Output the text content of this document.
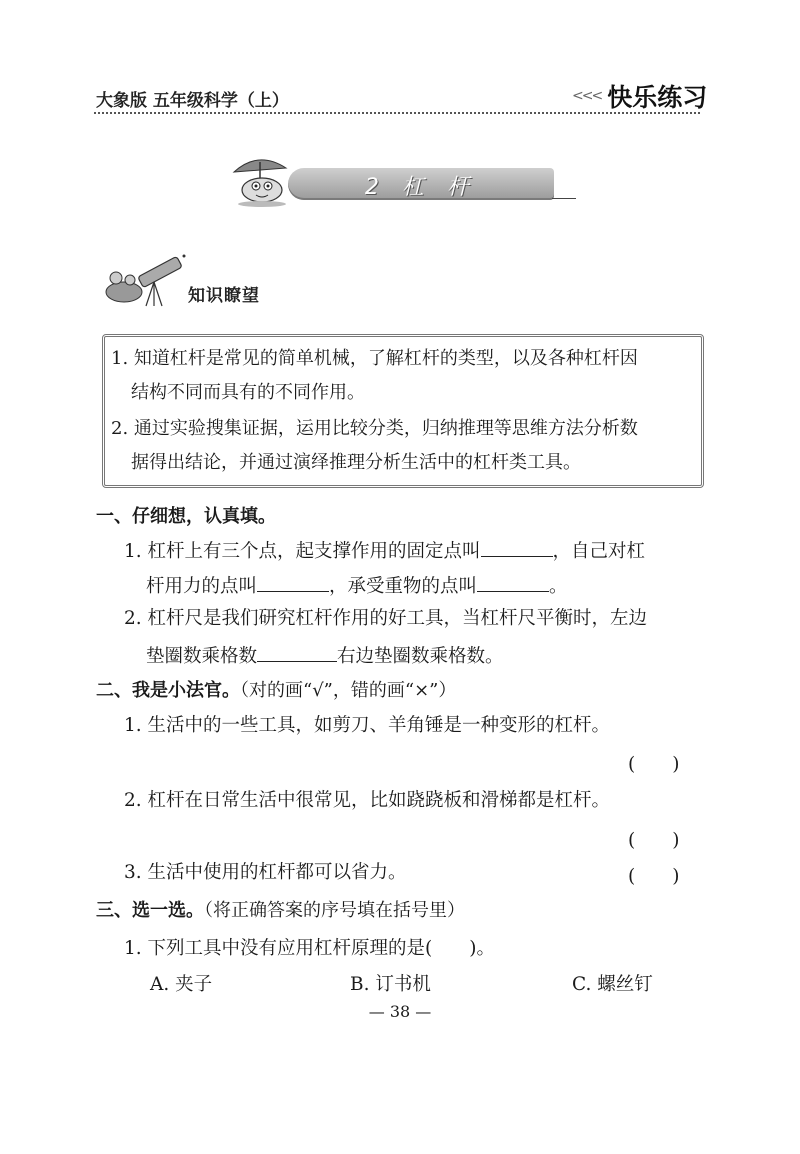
大象版 五年级科学（上）	<<< 快乐练习
2 杠 杆
知识瞭望
1. 知道杠杆是常见的简单机械，了解杠杆的类型，以及各种杠杆因
结构不同而具有的不同作用。
2. 通过实验搜集证据，运用比较分类，归纳推理等思维方法分析数
据得出结论，并通过演绎推理分析生活中的杠杆类工具。
一、仔细想，认真填。
1. 杠杆上有三个点，起支撑作用的固定点叫	，自己对杠
杆用力的点叫	，承受重物的点叫	。
2. 杠杆尺是我们研究杠杆作用的好工具，当杠杆尺平衡时，左边
垫圈数乘格数	右边垫圈数乘格数。
二、我是小法官。（对的画“√”，错的画“×”）
1. 生活中的一些工具，如剪刀、羊角锤是一种变形的杠杆。
(　　)
2. 杠杆在日常生活中很常见，比如跷跷板和滑梯都是杠杆。
(　　)
3. 生活中使用的杠杆都可以省力。	(　　)
三、选一选。（将正确答案的序号填在括号里）
1. 下列工具中没有应用杠杆原理的是(　　)。
A. 夹子	B. 订书机	C. 螺丝钉
— 38 —
